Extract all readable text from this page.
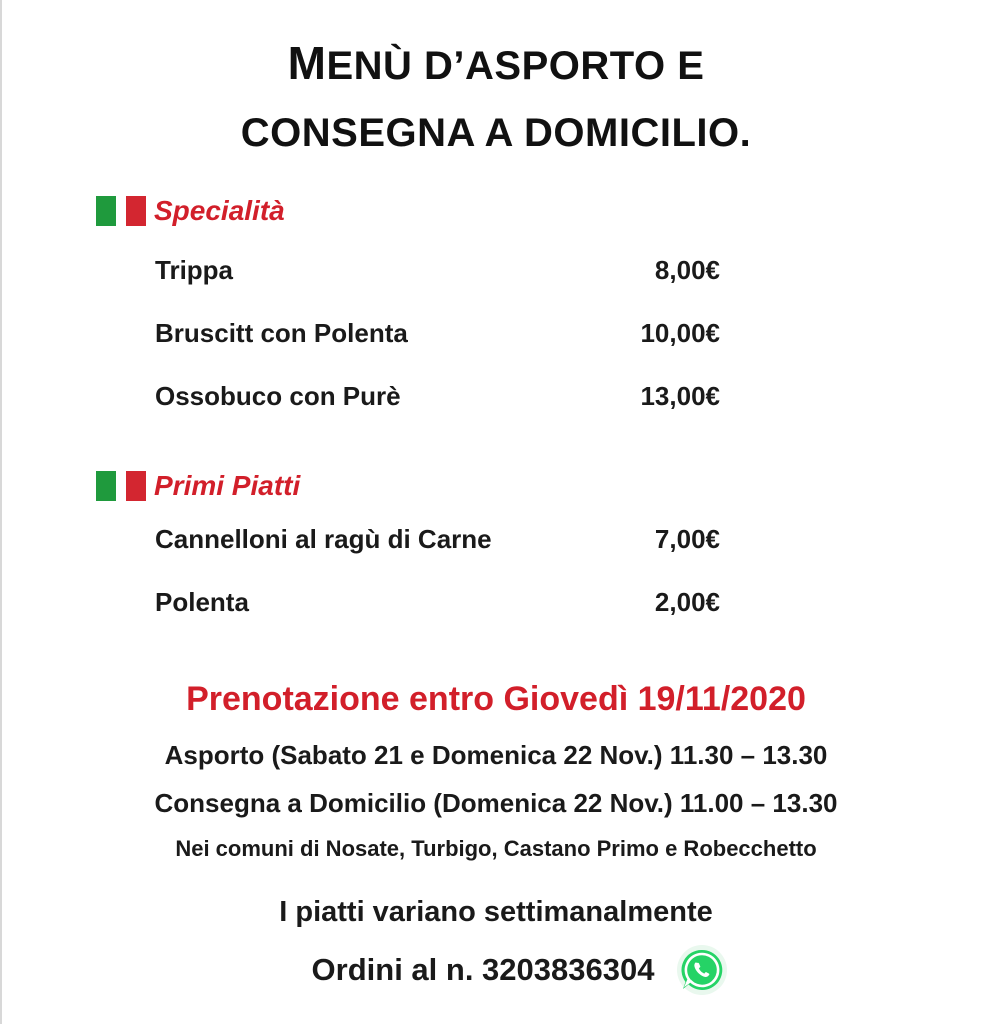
MENÙ D’ASPORTO E
CONSEGNA A DOMICILIO.
Specialità
Trippa	8,00€
Bruscitt con Polenta	10,00€
Ossobuco con Purè	13,00€
Primi Piatti
Cannelloni al ragù di Carne	7,00€
Polenta	2,00€
Prenotazione entro Giovedì 19/11/2020
Asporto (Sabato 21 e Domenica 22 Nov.) 11.30 – 13.30
Consegna a Domicilio (Domenica 22 Nov.) 11.00 – 13.30
Nei comuni di Nosate, Turbigo, Castano Primo e Robecchetto
I piatti variano settimanalmente
Ordini al n. 3203836304
